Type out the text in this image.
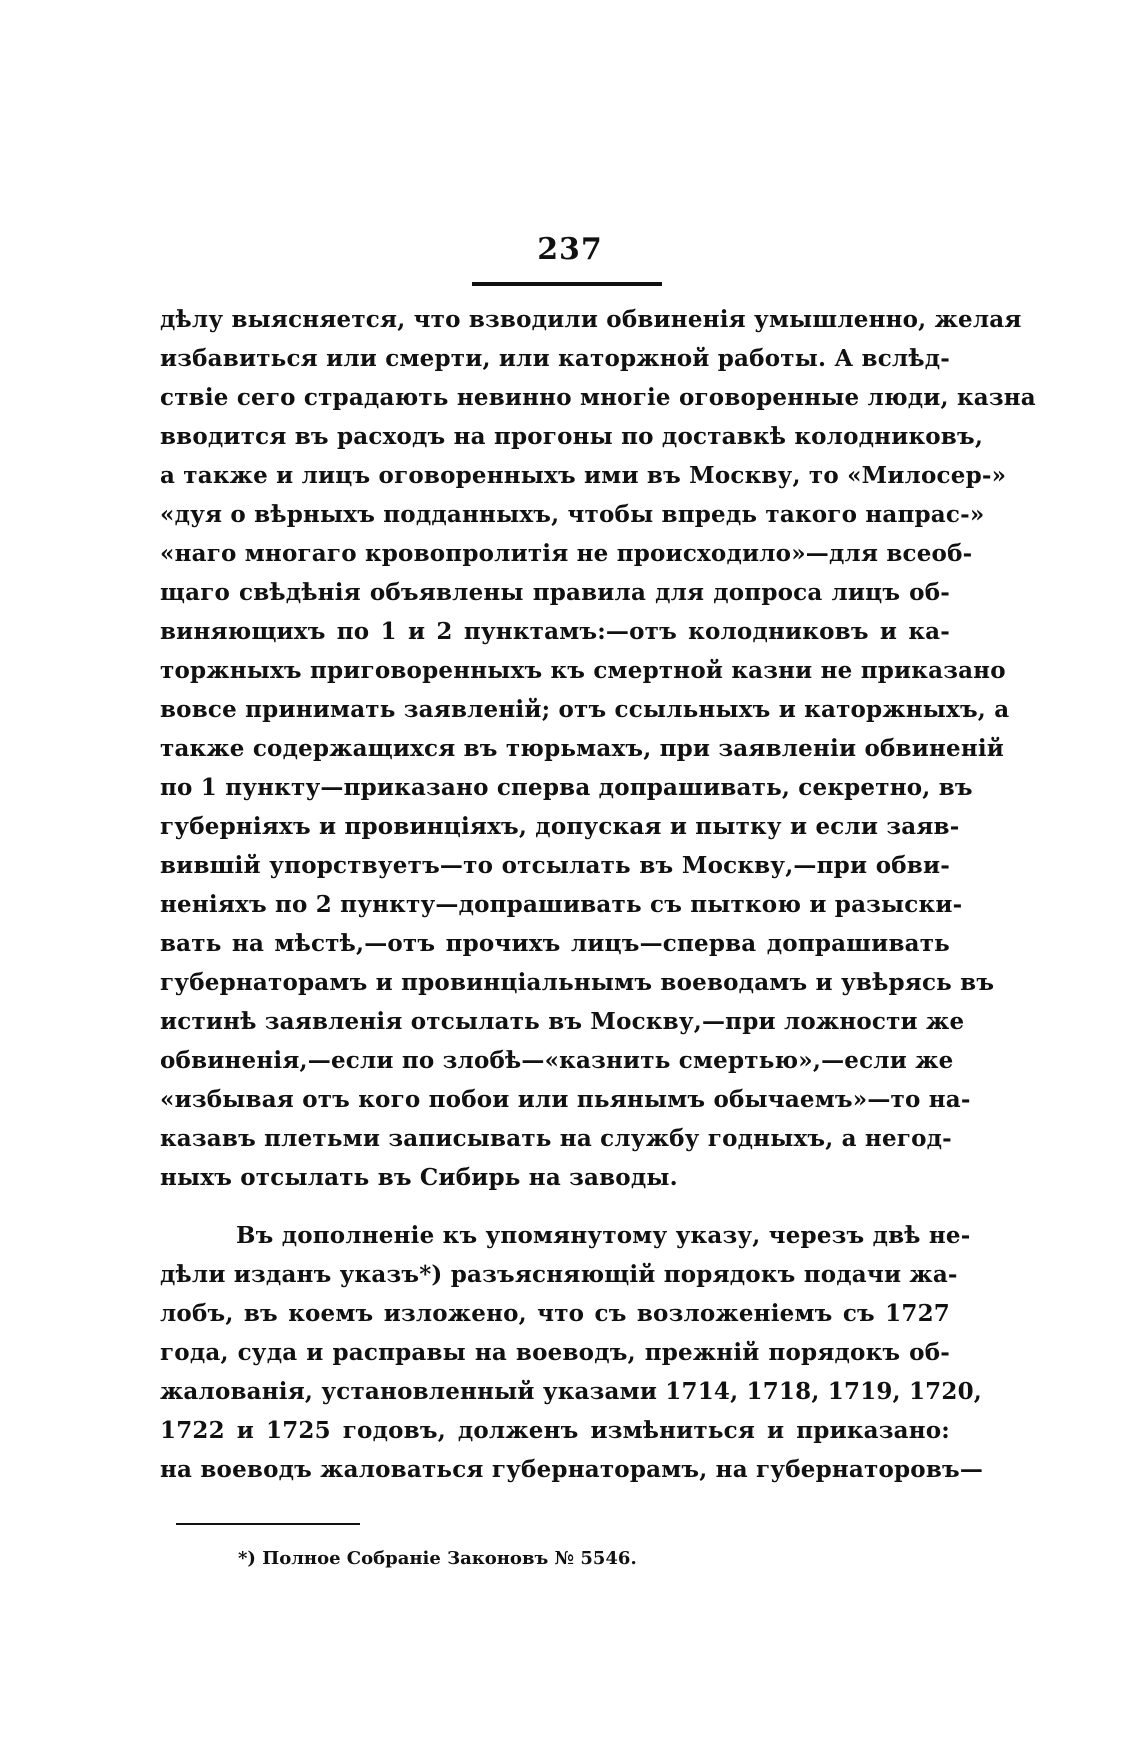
237
дѣлу выясняется, что взводили обвиненія умышленно, желая
избавиться или смерти, или каторжной работы. А вслѣд-
ствіе сего страдають невинно многіе оговоренные люди, казна
вводится въ расходъ на прогоны по доставкѣ колодниковъ,
а также и лицъ оговоренныхъ ими въ Москву, то «Милосер-»
«дуя о вѣрныхъ подданныхъ, чтобы впредь такого напрас-»
«наго многаго кровопролитія не происходило»—для всеоб-
щаго свѣдѣнія объявлены правила для допроса лицъ об-
виняющихъ по 1 и 2 пунктамъ:—отъ колодниковъ и ка-
торжныхъ приговоренныхъ къ смертной казни не приказано
вовсе принимать заявленій; отъ ссыльныхъ и каторжныхъ, а
также содержащихся въ тюрьмахъ, при заявленіи обвиненій
по 1 пункту—приказано сперва допрашивать, секретно, въ
губерніяхъ и провинціяхъ, допуская и пытку и если заяв-
вившій упорствуетъ—то отсылать въ Москву,—при обви-
неніяхъ по 2 пункту—допрашивать съ пыткою и разыски-
вать на мѣстѣ,—отъ прочихъ лицъ—сперва допрашивать
губернаторамъ и провинціальнымъ воеводамъ и увѣрясь въ
истинѣ заявленія отсылать въ Москву,—при ложности же
обвиненія,—если по злобѣ—«казнить смертью»,—если же
«избывая отъ кого побои или пьянымъ обычаемъ»—то на-
казавъ плетьми записывать на службу годныхъ, а негод-
ныхъ отсылать въ Сибирь на заводы.
Въ дополненіе къ упомянутому указу, черезъ двѣ не-
дѣли изданъ указъ*) разъясняющій порядокъ подачи жа-
лобъ, въ коемъ изложено, что съ возложеніемъ съ 1727
года, суда и расправы на воеводъ, прежній порядокъ об-
жалованія, установленный указами 1714, 1718, 1719, 1720,
1722 и 1725 годовъ, долженъ измѣниться и приказано:
на воеводъ жаловаться губернаторамъ, на губернаторовъ—
*) Полное Собраніе Законовъ № 5546.
